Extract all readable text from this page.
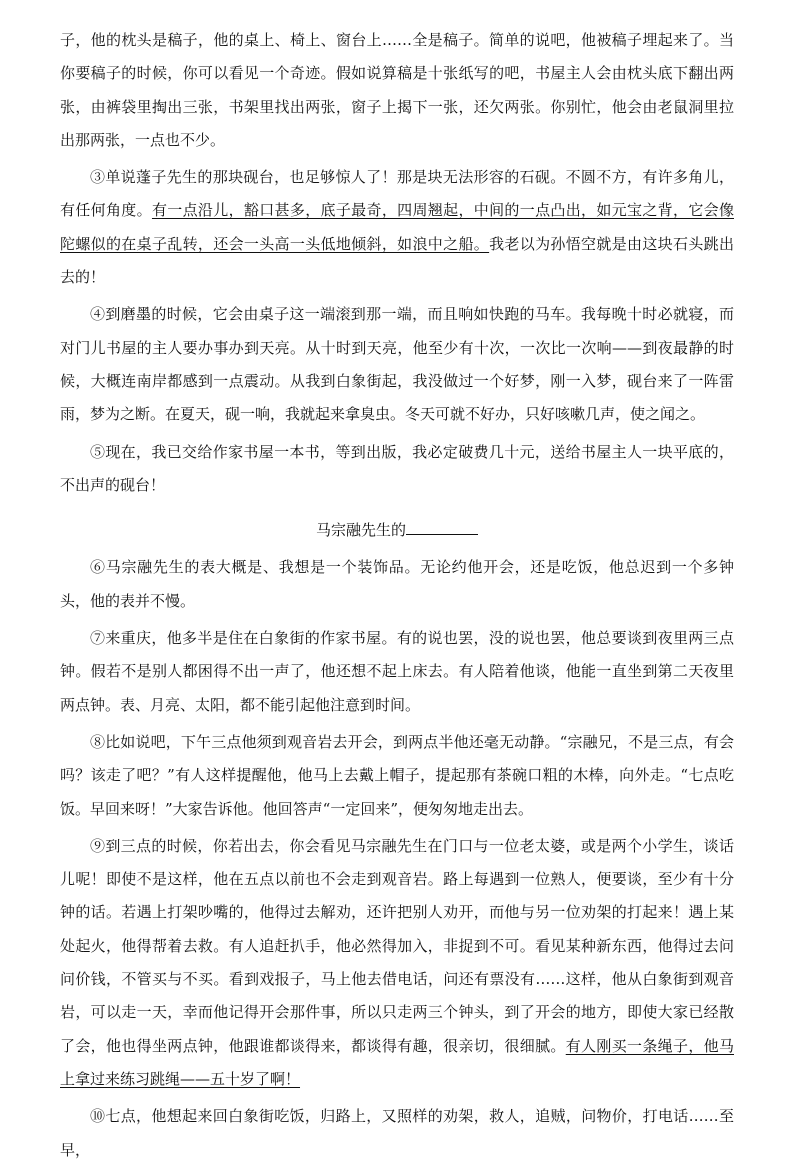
子，他的枕头是稿子，他的桌上、椅上、窗台上……全是稿子。简单的说吧，他被稿子埋起来了。当你要稿子的时候，你可以看见一个奇迹。假如说算稿是十张纸写的吧，书屋主人会由枕头底下翻出两张，由裤袋里掏出三张，书架里找出两张，窗子上揭下一张，还欠两张。你别忙，他会由老鼠洞里拉出那两张，一点也不少。

③单说蓬子先生的那块砚台，也足够惊人了！那是块无法形容的石砚。不圆不方，有许多角儿，有任何角度。有一点沿儿，豁口甚多，底子最奇，四周翘起，中间的一点凸出，如元宝之背，它会像陀螺似的在桌子乱转，还会一头高一头低地倾斜，如浪中之船。我老以为孙悟空就是由这块石头跳出去的！

④到磨墨的时候，它会由桌子这一端滚到那一端，而且响如快跑的马车。我每晚十时必就寝，而对门儿书屋的主人要办事办到天亮。从十时到天亮，他至少有十次，一次比一次响——到夜最静的时候，大概连南岸都感到一点震动。从我到白象街起，我没做过一个好梦，刚一入梦，砚台来了一阵雷雨，梦为之断。在夏天，砚一响，我就起来拿臭虫。冬天可就不好办，只好咳嗽几声，使之闻之。

⑤现在，我已交给作家书屋一本书，等到出版，我必定破费几十元，送给书屋主人一块平底的，不出声的砚台！

马宗融先生的

⑥马宗融先生的表大概是、我想是一个装饰品。无论约他开会，还是吃饭，他总迟到一个多钟头，他的表并不慢。

⑦来重庆，他多半是住在白象街的作家书屋。有的说也罢，没的说也罢，他总要谈到夜里两三点钟。假若不是别人都困得不出一声了，他还想不起上床去。有人陪着他谈，他能一直坐到第二天夜里两点钟。表、月亮、太阳，都不能引起他注意到时间。

⑧比如说吧，下午三点他须到观音岩去开会，到两点半他还毫无动静。“宗融兄，不是三点，有会吗？该走了吧？”有人这样提醒他，他马上去戴上帽子，提起那有茶碗口粗的木棒，向外走。“七点吃饭。早回来呀！”大家告诉他。他回答声“一定回来”，便匆匆地走出去。

⑨到三点的时候，你若出去，你会看见马宗融先生在门口与一位老太婆，或是两个小学生，谈话儿呢！即使不是这样，他在五点以前也不会走到观音岩。路上每遇到一位熟人，便要谈，至少有十分钟的话。若遇上打架吵嘴的，他得过去解劝，还许把别人劝开，而他与另一位劝架的打起来！遇上某处起火，他得帮着去救。有人追赶扒手，他必然得加入，非捉到不可。看见某种新东西，他得过去问问价钱，不管买与不买。看到戏报子，马上他去借电话，问还有票没有……这样，他从白象街到观音岩，可以走一天，幸而他记得开会那件事，所以只走两三个钟头，到了开会的地方，即使大家已经散了会，他也得坐两点钟，他跟谁都谈得来，都谈得有趣，很亲切，很细腻。有人刚买一条绳子，他马上拿过来练习跳绳——五十岁了啊！

⑩七点，他想起来回白象街吃饭，归路上，又照样的劝架，救人，追贼，问物价，打电话……至早，
